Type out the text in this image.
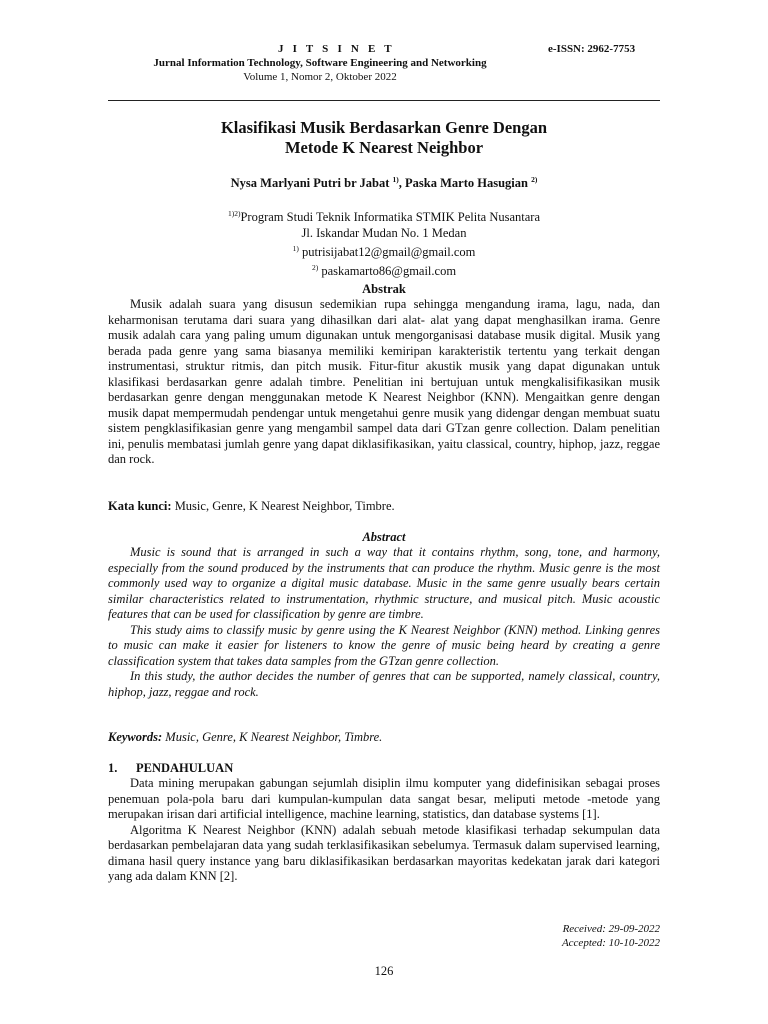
J I T S I N E T	e-ISSN: 2962-7753
Jurnal Information Technology, Software Engineering and Networking
Volume 1, Nomor 2, Oktober 2022
Klasifikasi Musik Berdasarkan Genre Dengan
Metode K Nearest Neighbor
Nysa Marlyani Putri br Jabat $^{1)}$, Paska Marto Hasugian $^{2)}$
$^{1)2)}$Program Studi Teknik Informatika STMIK Pelita Nusantara
Jl. Iskandar Mudan No. 1 Medan
$^{1)}$ putrisijabat12@gmail@gmail.com
$^{2)}$ paskamarto86@gmail.com
Abstrak

Musik adalah suara yang disusun sedemikian rupa sehingga mengandung irama, lagu, nada, dan keharmonisan terutama dari suara yang dihasilkan dari alat- alat yang dapat menghasilkan irama. Genre musik adalah cara yang paling umum digunakan untuk mengorganisasi database musik digital. Musik yang berada pada genre yang sama biasanya memiliki kemiripan karakteristik tertentu yang terkait dengan instrumentasi, struktur ritmis, dan pitch musik. Fitur-fitur akustik musik yang dapat digunakan untuk klasifikasi berdasarkan genre adalah timbre. Penelitian ini bertujuan untuk mengkalisifikasikan musik berdasarkan genre dengan menggunakan metode K Nearest Neighbor (KNN). Mengaitkan genre dengan musik dapat mempermudah pendengar untuk mengetahui genre musik yang didengar dengan membuat suatu sistem pengklasifikasian genre yang mengambil sampel data dari GTzan genre collection. Dalam penelitian ini, penulis membatasi jumlah genre yang dapat diklasifikasikan, yaitu classical, country, hiphop, jazz, reggae dan rock.

Kata kunci: Music, Genre, K Nearest Neighbor, Timbre.
Abstract

Music is sound that is arranged in such a way that it contains rhythm, song, tone, and harmony, especially from the sound produced by the instruments that can produce the rhythm. Music genre is the most commonly used way to organize a digital music database. Music in the same genre usually bears certain similar characteristics related to instrumentation, rhythmic structure, and musical pitch. Music acoustic features that can be used for classification by genre are timbre.

This study aims to classify music by genre using the K Nearest Neighbor (KNN) method. Linking genres to music can make it easier for listeners to know the genre of music being heard by creating a genre classification system that takes data samples from the GTzan genre collection.

In this study, the author decides the number of genres that can be supported, namely classical, country, hiphop, jazz, reggae and rock.

Keywords: Music, Genre, K Nearest Neighbor, Timbre.
1. PENDAHULUAN

Data mining merupakan gabungan sejumlah disiplin ilmu komputer yang didefinisikan sebagai proses penemuan pola-pola baru dari kumpulan-kumpulan data sangat besar, meliputi metode -metode yang merupakan irisan dari artificial intelligence, machine learning, statistics, dan database systems [1].

Algoritma K Nearest Neighbor (KNN) adalah sebuah metode klasifikasi terhadap sekumpulan data berdasarkan pembelajaran data yang sudah terklasifikasikan sebelumya. Termasuk dalam supervised learning, dimana hasil query instance yang baru diklasifikasikan berdasarkan mayoritas kedekatan jarak dari kategori yang ada dalam KNN [2].

Received: 29-09-2022
Accepted: 10-10-2022
126
